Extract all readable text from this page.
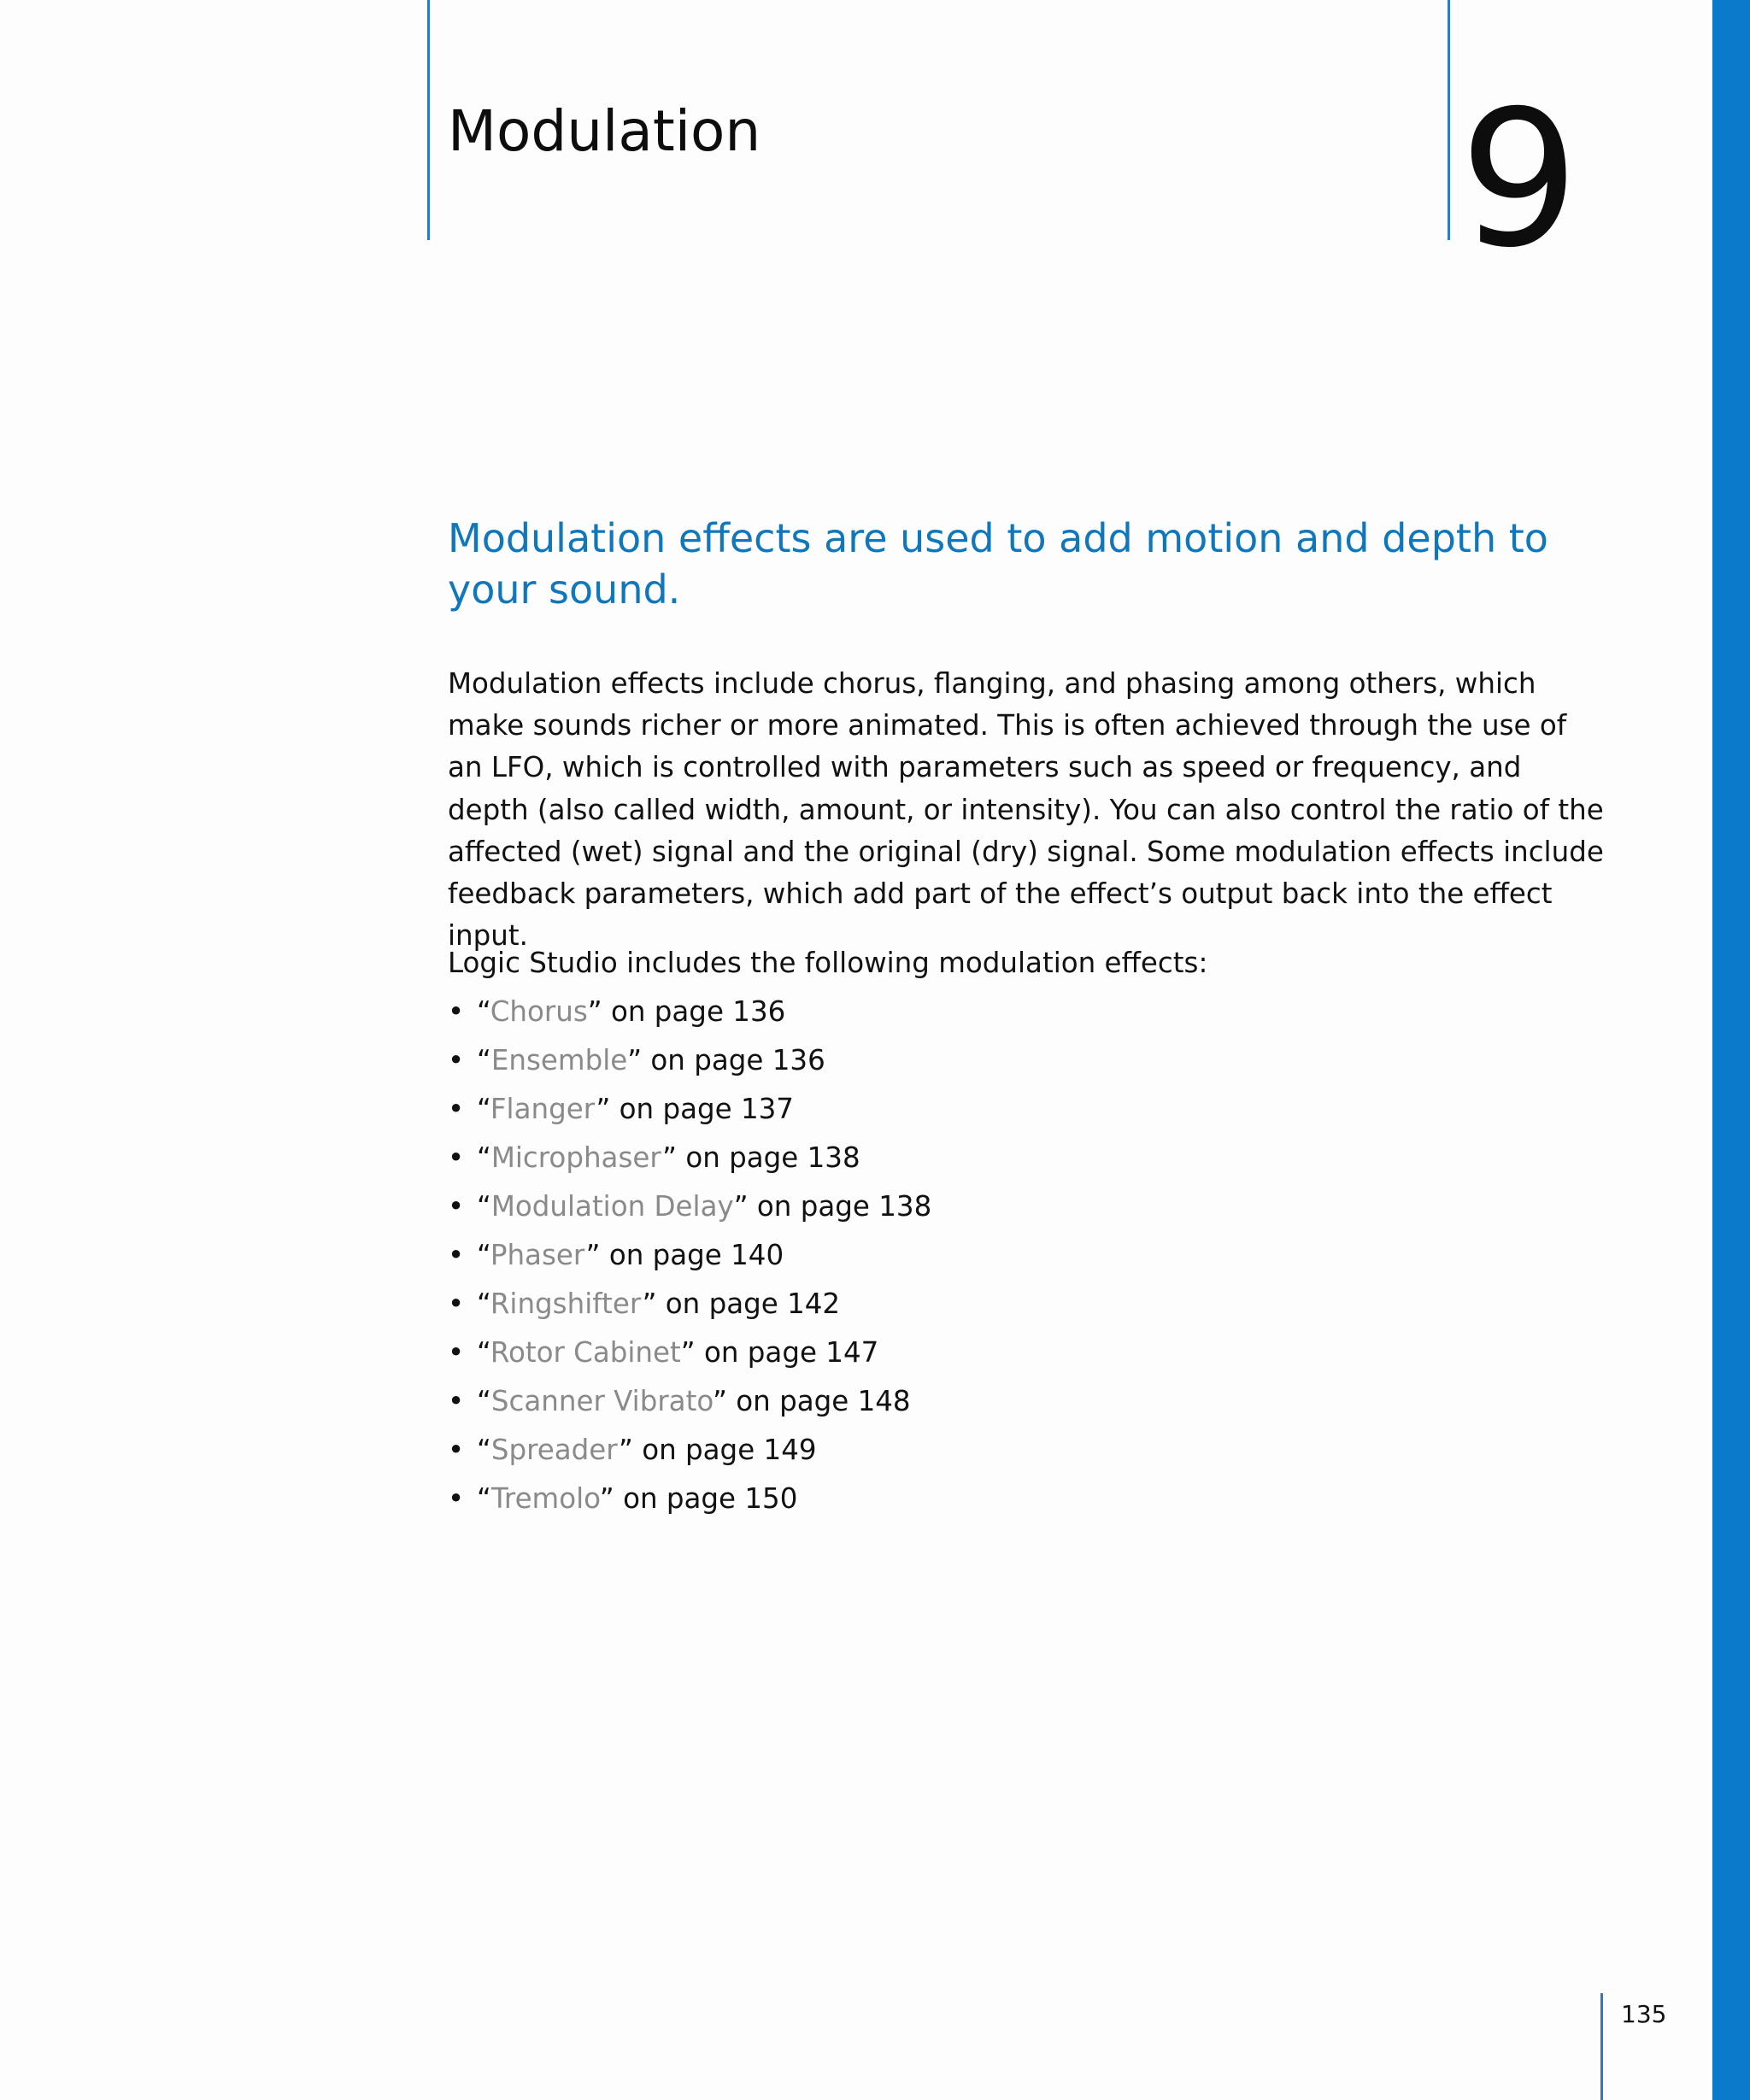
Modulation	9
Modulation effects are used to add motion and depth to your sound.

Modulation effects include chorus, flanging, and phasing among others, which make sounds richer or more animated. This is often achieved through the use of an LFO, which is controlled with parameters such as speed or frequency, and depth (also called width, amount, or intensity). You can also control the ratio of the affected (wet) signal and the original (dry) signal. Some modulation effects include feedback parameters, which add part of the effect’s output back into the effect input.

Logic Studio includes the following modulation effects:

• “Chorus” on page 136
• “Ensemble” on page 136
• “Flanger” on page 137
• “Microphaser” on page 138
• “Modulation Delay” on page 138
• “Phaser” on page 140
• “Ringshifter” on page 142
• “Rotor Cabinet” on page 147
• “Scanner Vibrato” on page 148
• “Spreader” on page 149
• “Tremolo” on page 150
135
